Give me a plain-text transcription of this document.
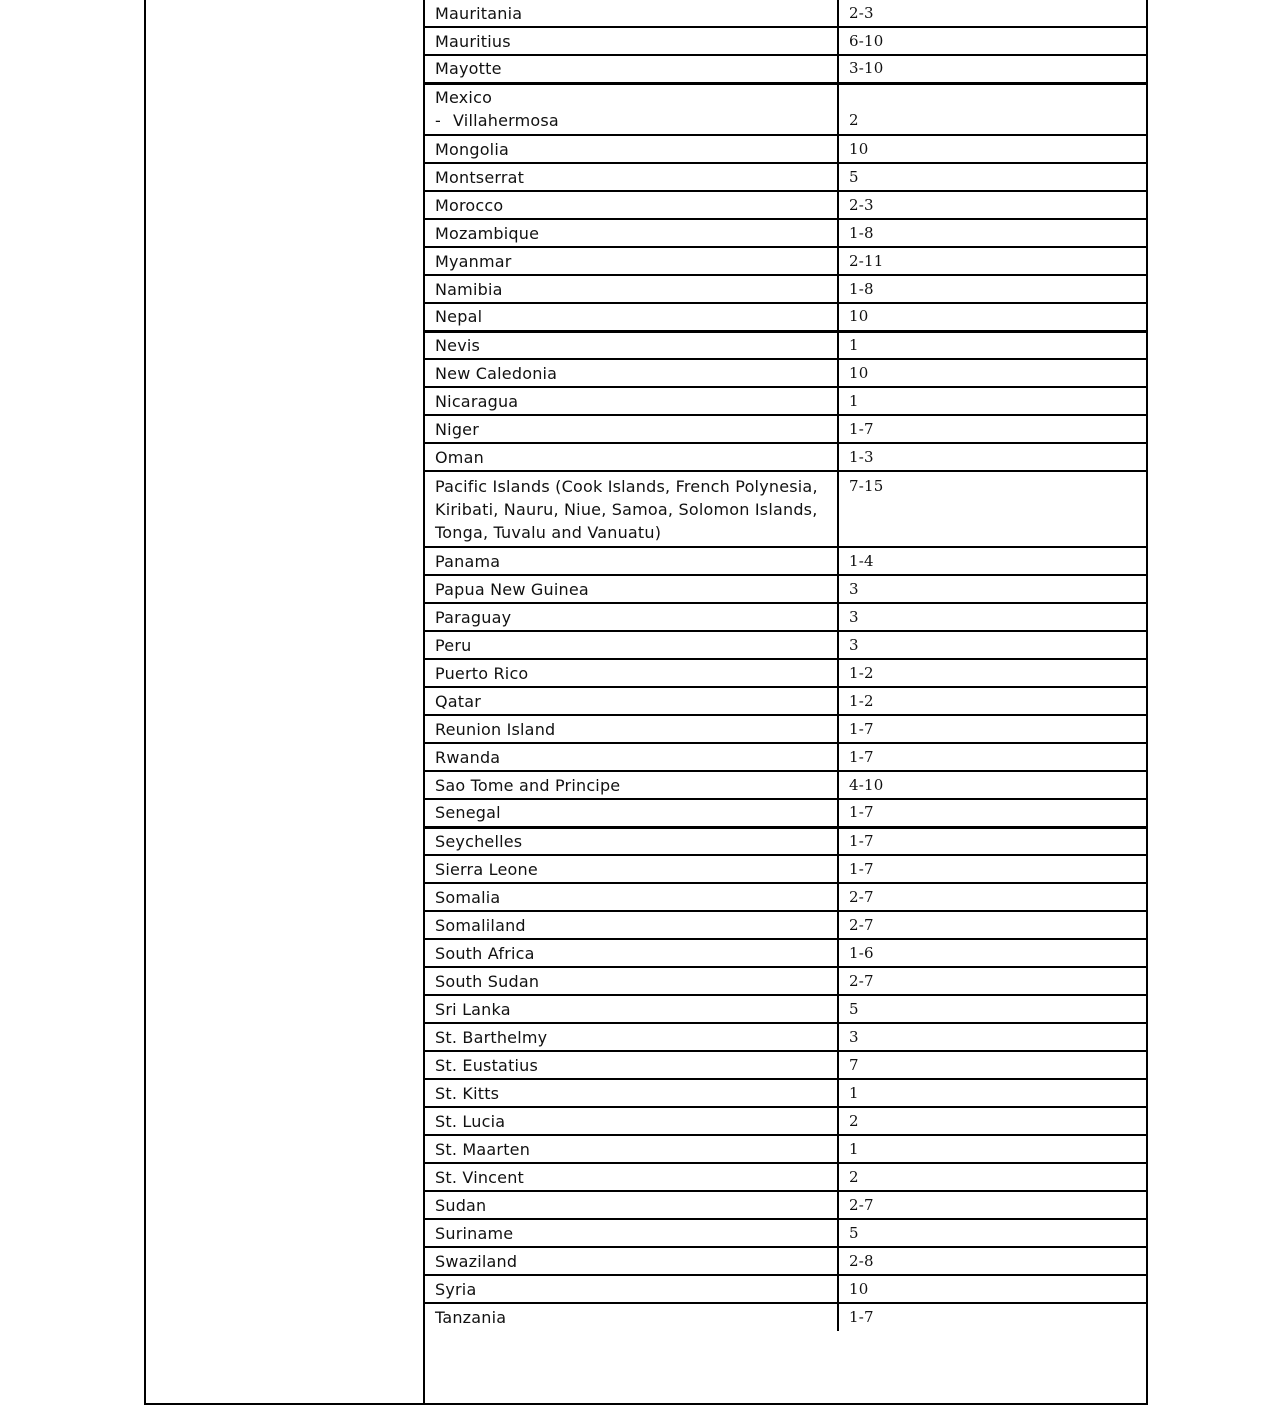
Mauritania	2-3
Mauritius	6-10
Mayotte	3-10
Mexico
- Villahermosa	2
Mongolia	10
Montserrat	5
Morocco	2-3
Mozambique	1-8
Myanmar	2-11
Namibia	1-8
Nepal	10
Nevis	1
New Caledonia	10
Nicaragua	1
Niger	1-7
Oman	1-3
Pacific Islands (Cook Islands, French Polynesia, Kiribati, Nauru, Niue, Samoa, Solomon Islands, Tonga, Tuvalu and Vanuatu)	7-15
Panama	1-4
Papua New Guinea	3
Paraguay	3
Peru	3
Puerto Rico	1-2
Qatar	1-2
Reunion Island	1-7
Rwanda	1-7
Sao Tome and Principe	4-10
Senegal	1-7
Seychelles	1-7
Sierra Leone	1-7
Somalia	2-7
Somaliland	2-7
South Africa	1-6
South Sudan	2-7
Sri Lanka	5
St. Barthelmy	3
St. Eustatius	7
St. Kitts	1
St. Lucia	2
St. Maarten	1
St. Vincent	2
Sudan	2-7
Suriname	5
Swaziland	2-8
Syria	10
Tanzania	1-7
